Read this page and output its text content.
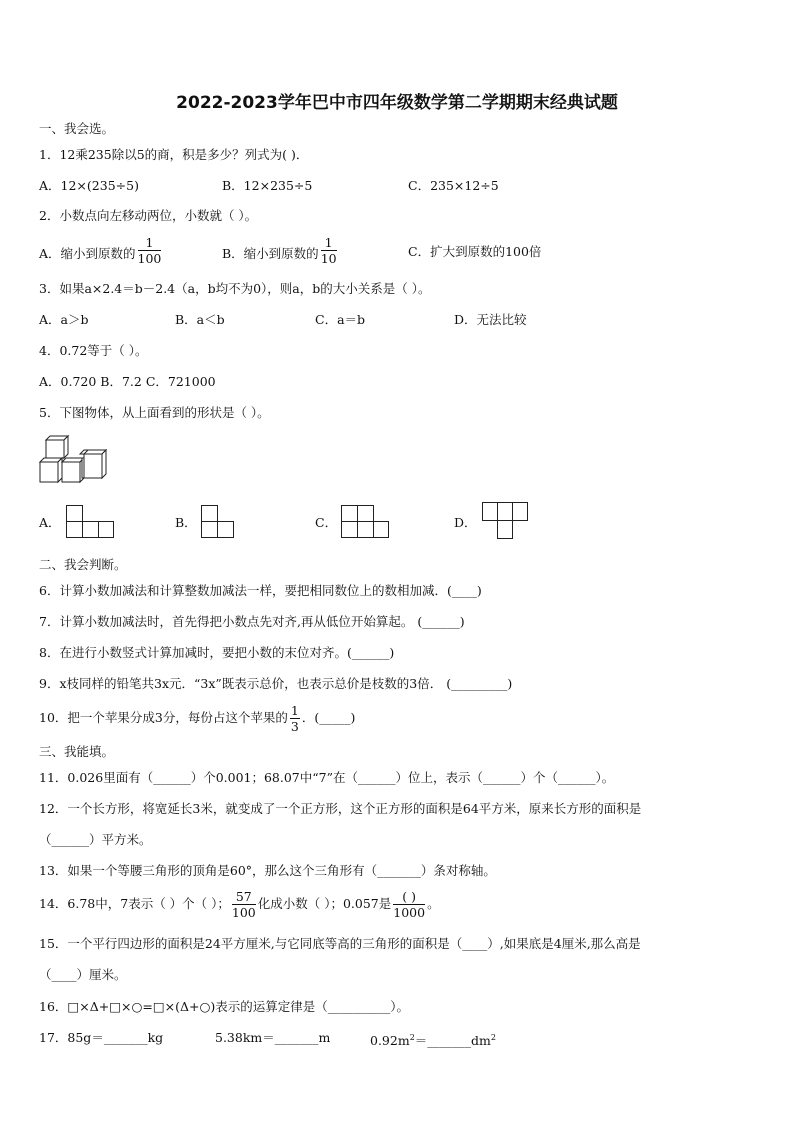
2022-2023学年巴中市四年级数学第二学期期末经典试题
一、我会选。
1．12乘235除以5的商，积是多少？列式为( )．
A．12×(235÷5)	B．12×235÷5	C．235×12÷5
2．小数点向左移动两位，小数就（ ）。
A．缩小到原数的 $\frac{1}{100}$	B．缩小到原数的 $\frac{1}{10}$	C．扩大到原数的100倍
3．如果a×2.4＝b－2.4（a，b均不为0），则a，b的大小关系是（ ）。
A．a＞b	B．a＜b	C．a＝b	D．无法比较
4．0.72等于（ ）。
A．0.720 B．7.2 C．721000
5．下图物体，从上面看到的形状是（ ）。
A．	B．	C．	D．
二、我会判断。
6．计算小数加减法和计算整数加减法一样，要把相同数位上的数相加减．(____)
7．计算小数加减法时，首先得把小数点先对齐,再从低位开始算起。 (______)
8．在进行小数竖式计算加减时，要把小数的末位对齐。(______)
9．x枝同样的铅笔共3x元．“3x”既表示总价，也表示总价是枝数的3倍． (_________)
10．把一个苹果分成3分，每份占这个苹果的 $\frac{1}{3}$ ．(_____)
三、我能填。
11．0.026里面有（______）个0.001；68.07中“7”在（______）位上，表示（______）个（______）。
12．一个长方形，将宽延长3米，就变成了一个正方形，这个正方形的面积是64平方米，原来长方形的面积是
（______）平方米。
13．如果一个等腰三角形的顶角是60°，那么这个三角形有（_______）条对称轴。
14．6.78中，7表示（ ）个（ ）； $\frac{57}{100}$ 化成小数（ ）；0.057是 $\frac{( )}{1000}$ 。
15．一个平行四边形的面积是24平方厘米,与它同底等高的三角形的面积是（____）,如果底是4厘米,那么高是
（____）厘米。
16．□×Δ+□×○=□×(Δ+○)表示的运算定律是（__________）。
17．85g＝_______kg	5.38km＝_______m	$0.92m^2=\_\_\_\_\_\_\_dm^2$
